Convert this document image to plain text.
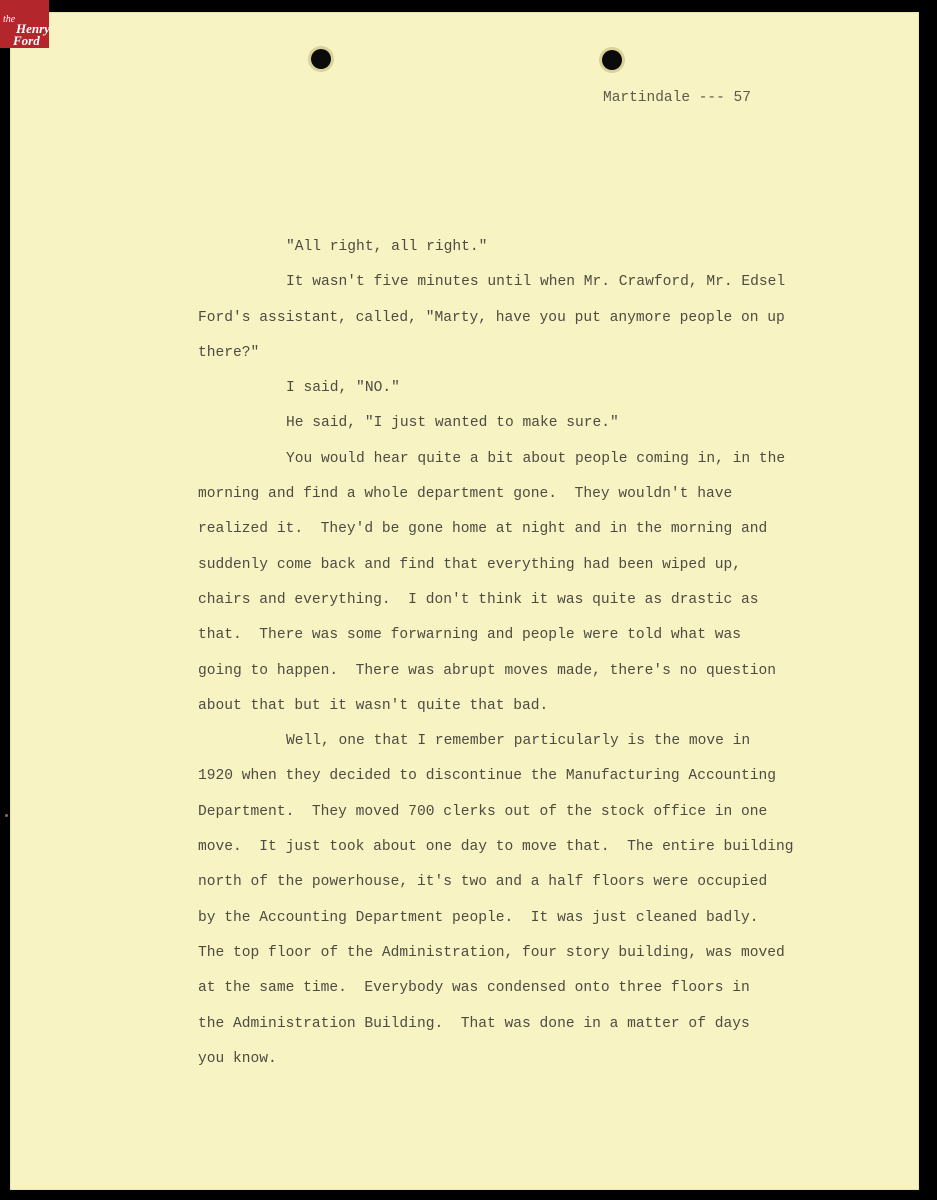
Martindale --- 57
"All right, all right."
It wasn't five minutes until when Mr. Crawford, Mr. Edsel
Ford's assistant, called, "Marty, have you put anymore people on up
there?"
I said, "NO."
He said, "I just wanted to make sure."
You would hear quite a bit about people coming in, in the
morning and find a whole department gone.  They wouldn't have
realized it.  They'd be gone home at night and in the morning and
suddenly come back and find that everything had been wiped up,
chairs and everything.  I don't think it was quite as drastic as
that.  There was some forwarning and people were told what was
going to happen.  There was abrupt moves made, there's no question
about that but it wasn't quite that bad.
Well, one that I remember particularly is the move in
1920 when they decided to discontinue the Manufacturing Accounting
Department.  They moved 700 clerks out of the stock office in one
move.  It just took about one day to move that.  The entire building
north of the powerhouse, it's two and a half floors were occupied
by the Accounting Department people.  It was just cleaned badly.
The top floor of the Administration, four story building, was moved
at the same time.  Everybody was condensed onto three floors in
the Administration Building.  That was done in a matter of days
you know.
the
Henry
Ford
